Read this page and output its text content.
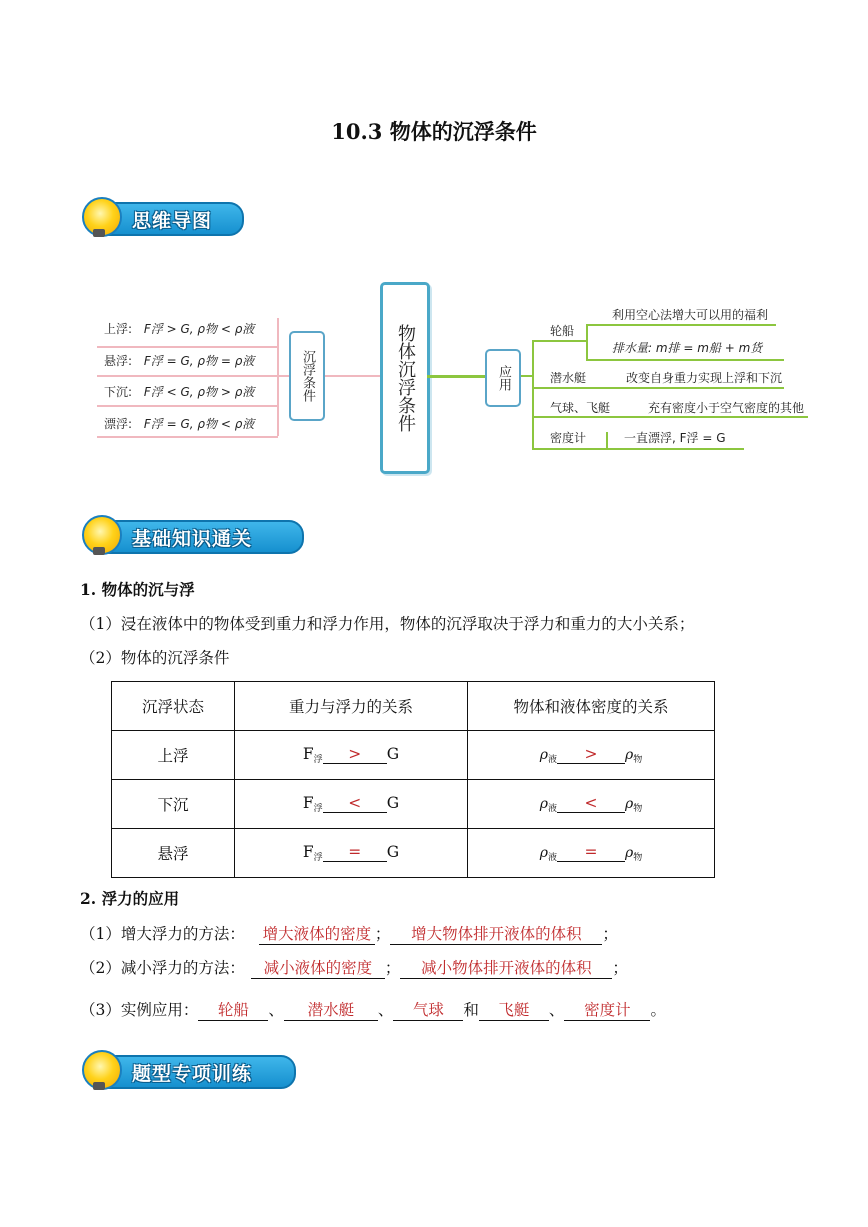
10.3 物体的沉浮条件
思维导图
上浮: F浮 > G, ρ物 < ρ液
悬浮: F浮 = G, ρ物 = ρ液
下沉: F浮 < G, ρ物 > ρ液
漂浮: F浮 = G, ρ物 < ρ液
沉浮条件	物体沉浮条件	应用
轮船
利用空心法增大可以用的福利
排水量: m排 = m船 + m货
潜水艇	改变自身重力实现上浮和下沉
气球、飞艇	充有密度小于空气密度的其他
密度计	一直漂浮, F浮 = G
基础知识通关
1. 物体的沉与浮
（1）浸在液体中的物体受到重力和浮力作用，物体的沉浮取决于浮力和重力的大小关系；
（2）物体的沉浮条件
沉浮状态	重力与浮力的关系	物体和液体密度的关系
上浮	$F_浮 > G$	$\rho_液 > \rho_物$
下沉	$F_浮 < G$	$\rho_液 < \rho_物$
悬浮	$F_浮 = G$	$\rho_液 = \rho_物$
2. 浮力的应用
（1）增大浮力的方法： 增大液体的密度 ； 增大物体排开液体的体积 ；
（2）减小浮力的方法： 减小液体的密度 ； 减小物体排开液体的体积 ；
（3）实例应用： 轮船 、 潜水艇 、 气球 和 飞艇 、 密度计 。
题型专项训练
